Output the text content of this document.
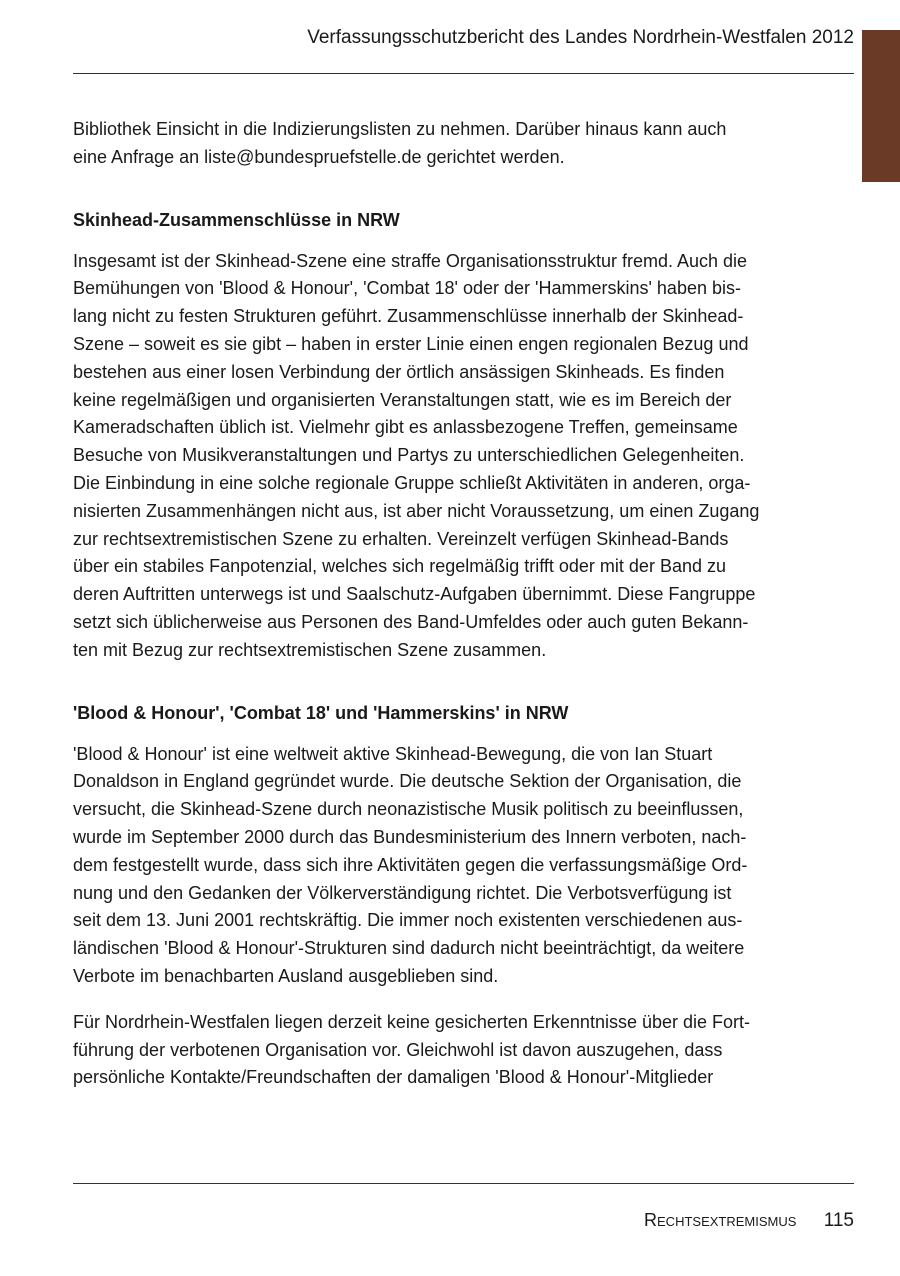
Verfassungsschutzbericht des Landes Nordrhein-Westfalen 2012

Bibliothek Einsicht in die Indizierungslisten zu nehmen. Darüber hinaus kann auch
eine Anfrage an liste@bundespruefstelle.de gerichtet werden.

Skinhead-Zusammenschlüsse in NRW

Insgesamt ist der Skinhead-Szene eine straffe Organisationsstruktur fremd. Auch die
Bemühungen von 'Blood & Honour', 'Combat 18' oder der 'Hammerskins' haben bis-
lang nicht zu festen Strukturen geführt. Zusammenschlüsse innerhalb der Skinhead-
Szene – soweit es sie gibt – haben in erster Linie einen engen regionalen Bezug und
bestehen aus einer losen Verbindung der örtlich ansässigen Skinheads. Es finden
keine regelmäßigen und organisierten Veranstaltungen statt, wie es im Bereich der
Kameradschaften üblich ist. Vielmehr gibt es anlassbezogene Treffen, gemeinsame
Besuche von Musikveranstaltungen und Partys zu unterschiedlichen Gelegenheiten.
Die Einbindung in eine solche regionale Gruppe schließt Aktivitäten in anderen, orga-
nisierten Zusammenhängen nicht aus, ist aber nicht Voraussetzung, um einen Zugang
zur rechtsextremistischen Szene zu erhalten. Vereinzelt verfügen Skinhead-Bands
über ein stabiles Fanpotenzial, welches sich regelmäßig trifft oder mit der Band zu
deren Auftritten unterwegs ist und Saalschutz-Aufgaben übernimmt. Diese Fangruppe
setzt sich üblicherweise aus Personen des Band-Umfeldes oder auch guten Bekann-
ten mit Bezug zur rechtsextremistischen Szene zusammen.

'Blood & Honour', 'Combat 18' und 'Hammerskins' in NRW

'Blood & Honour' ist eine weltweit aktive Skinhead-Bewegung, die von Ian Stuart
Donaldson in England gegründet wurde. Die deutsche Sektion der Organisation, die
versucht, die Skinhead-Szene durch neonazistische Musik politisch zu beeinflussen,
wurde im September 2000 durch das Bundesministerium des Innern verboten, nach-
dem festgestellt wurde, dass sich ihre Aktivitäten gegen die verfassungsmäßige Ord-
nung und den Gedanken der Völkerverständigung richtet. Die Verbotsverfügung ist
seit dem 13. Juni 2001 rechtskräftig. Die immer noch existenten verschiedenen aus-
ländischen 'Blood & Honour'-Strukturen sind dadurch nicht beeinträchtigt, da weitere
Verbote im benachbarten Ausland ausgeblieben sind.

Für Nordrhein-Westfalen liegen derzeit keine gesicherten Erkenntnisse über die Fort-
führung der verbotenen Organisation vor. Gleichwohl ist davon auszugehen, dass
persönliche Kontakte/Freundschaften der damaligen 'Blood & Honour'-Mitglieder

Rechtsextremismus 115
